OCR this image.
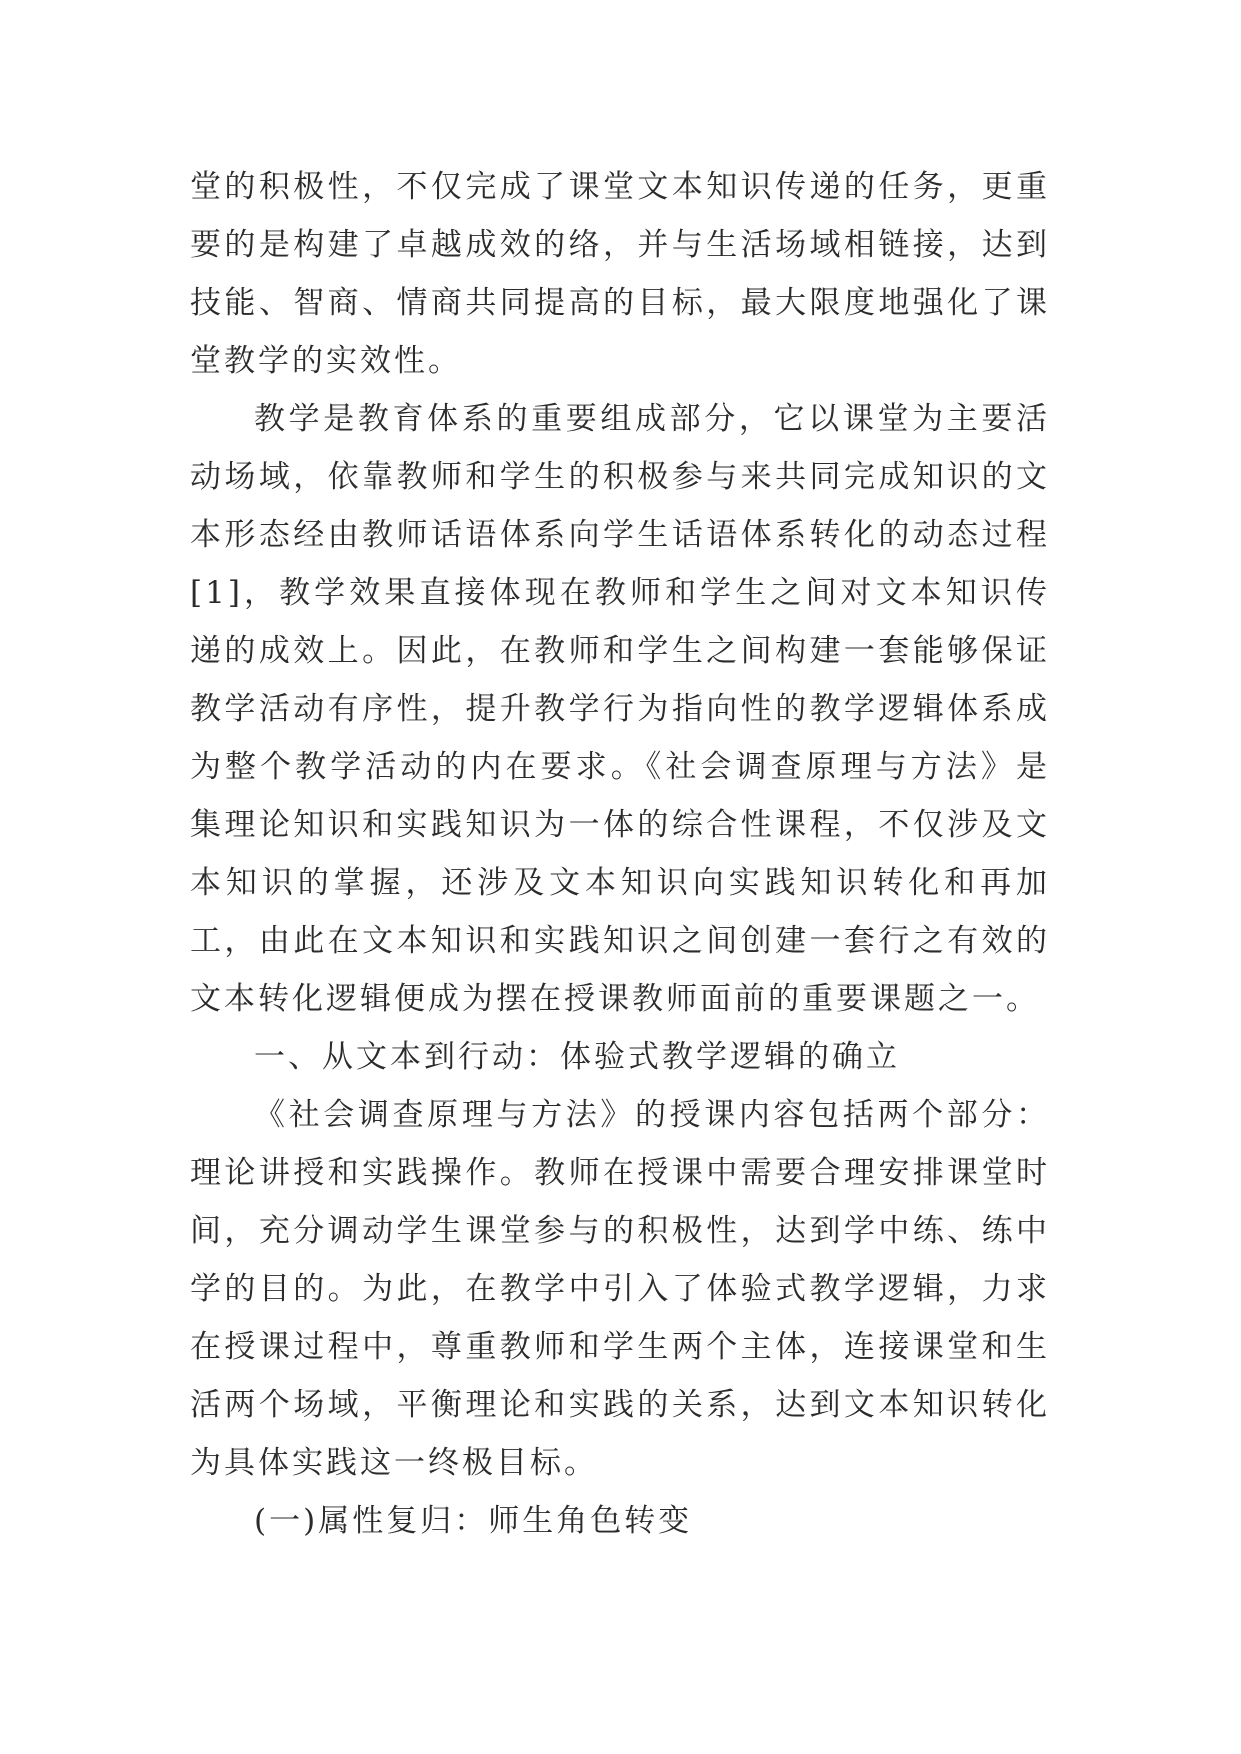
堂的积极性，不仅完成了课堂文本知识传递的任务，更重要的是构建了卓越成效的络，并与生活场域相链接，达到技能、智商、情商共同提高的目标，最大限度地强化了课堂教学的实效性。

教学是教育体系的重要组成部分，它以课堂为主要活动场域，依靠教师和学生的积极参与来共同完成知识的文本形态经由教师话语体系向学生话语体系转化的动态过程[1]，教学效果直接体现在教师和学生之间对文本知识传递的成效上。因此，在教师和学生之间构建一套能够保证教学活动有序性，提升教学行为指向性的教学逻辑体系成为整个教学活动的内在要求。《社会调查原理与方法》是集理论知识和实践知识为一体的综合性课程，不仅涉及文本知识的掌握，还涉及文本知识向实践知识转化和再加工，由此在文本知识和实践知识之间创建一套行之有效的文本转化逻辑便成为摆在授课教师面前的重要课题之一。

一、从文本到行动：体验式教学逻辑的确立

《社会调查原理与方法》的授课内容包括两个部分：理论讲授和实践操作。教师在授课中需要合理安排课堂时间，充分调动学生课堂参与的积极性，达到学中练、练中学的目的。为此，在教学中引入了体验式教学逻辑，力求在授课过程中，尊重教师和学生两个主体，连接课堂和生活两个场域，平衡理论和实践的关系，达到文本知识转化为具体实践这一终极目标。

(一)属性复归：师生角色转变
